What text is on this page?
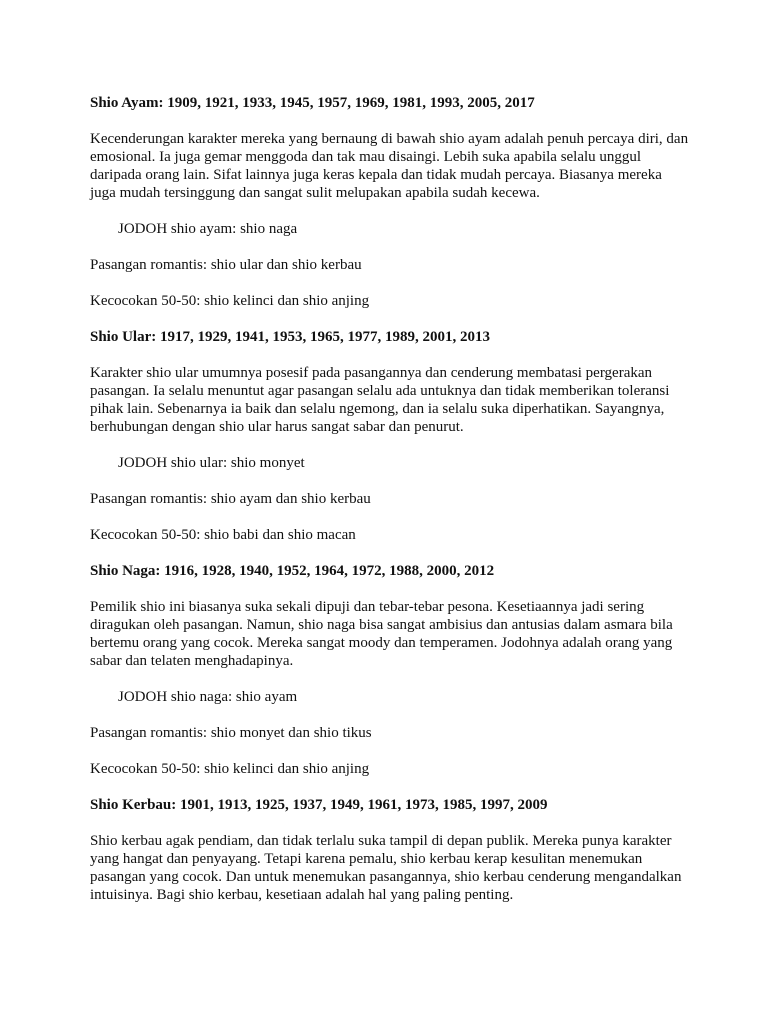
Shio Ayam: 1909, 1921, 1933, 1945, 1957, 1969, 1981, 1993, 2005, 2017
Kecenderungan karakter mereka yang bernaung di bawah shio ayam adalah penuh percaya diri, dan emosional. Ia juga gemar menggoda dan tak mau disaingi. Lebih suka apabila selalu unggul daripada orang lain. Sifat lainnya juga keras kepala dan tidak mudah percaya. Biasanya mereka juga mudah tersinggung dan sangat sulit melupakan apabila sudah kecewa.
JODOH shio ayam: shio naga
Pasangan romantis: shio ular dan shio kerbau
Kecocokan 50-50: shio kelinci dan shio anjing
Shio Ular: 1917, 1929, 1941, 1953, 1965, 1977, 1989, 2001, 2013
Karakter shio ular umumnya posesif pada pasangannya dan cenderung membatasi pergerakan pasangan. Ia selalu menuntut agar pasangan selalu ada untuknya dan tidak memberikan toleransi pihak lain. Sebenarnya ia baik dan selalu ngemong, dan ia selalu suka diperhatikan. Sayangnya, berhubungan dengan shio ular harus sangat sabar dan penurut.
JODOH shio ular: shio monyet
Pasangan romantis: shio ayam dan shio kerbau
Kecocokan 50-50: shio babi dan shio macan
Shio Naga: 1916, 1928, 1940, 1952, 1964, 1972, 1988, 2000, 2012
Pemilik shio ini biasanya suka sekali dipuji dan tebar-tebar pesona. Kesetiaannya jadi sering diragukan oleh pasangan. Namun, shio naga bisa sangat ambisius dan antusias dalam asmara bila bertemu orang yang cocok. Mereka sangat moody dan temperamen. Jodohnya adalah orang yang sabar dan telaten menghadapinya.
JODOH shio naga: shio ayam
Pasangan romantis: shio monyet dan shio tikus
Kecocokan 50-50: shio kelinci dan shio anjing
Shio Kerbau: 1901, 1913, 1925, 1937, 1949, 1961, 1973, 1985, 1997, 2009
Shio kerbau agak pendiam, dan tidak terlalu suka tampil di depan publik. Mereka punya karakter yang hangat dan penyayang. Tetapi karena pemalu, shio kerbau kerap kesulitan menemukan pasangan yang cocok. Dan untuk menemukan pasangannya, shio kerbau cenderung mengandalkan intuisinya. Bagi shio kerbau, kesetiaan adalah hal yang paling penting.
